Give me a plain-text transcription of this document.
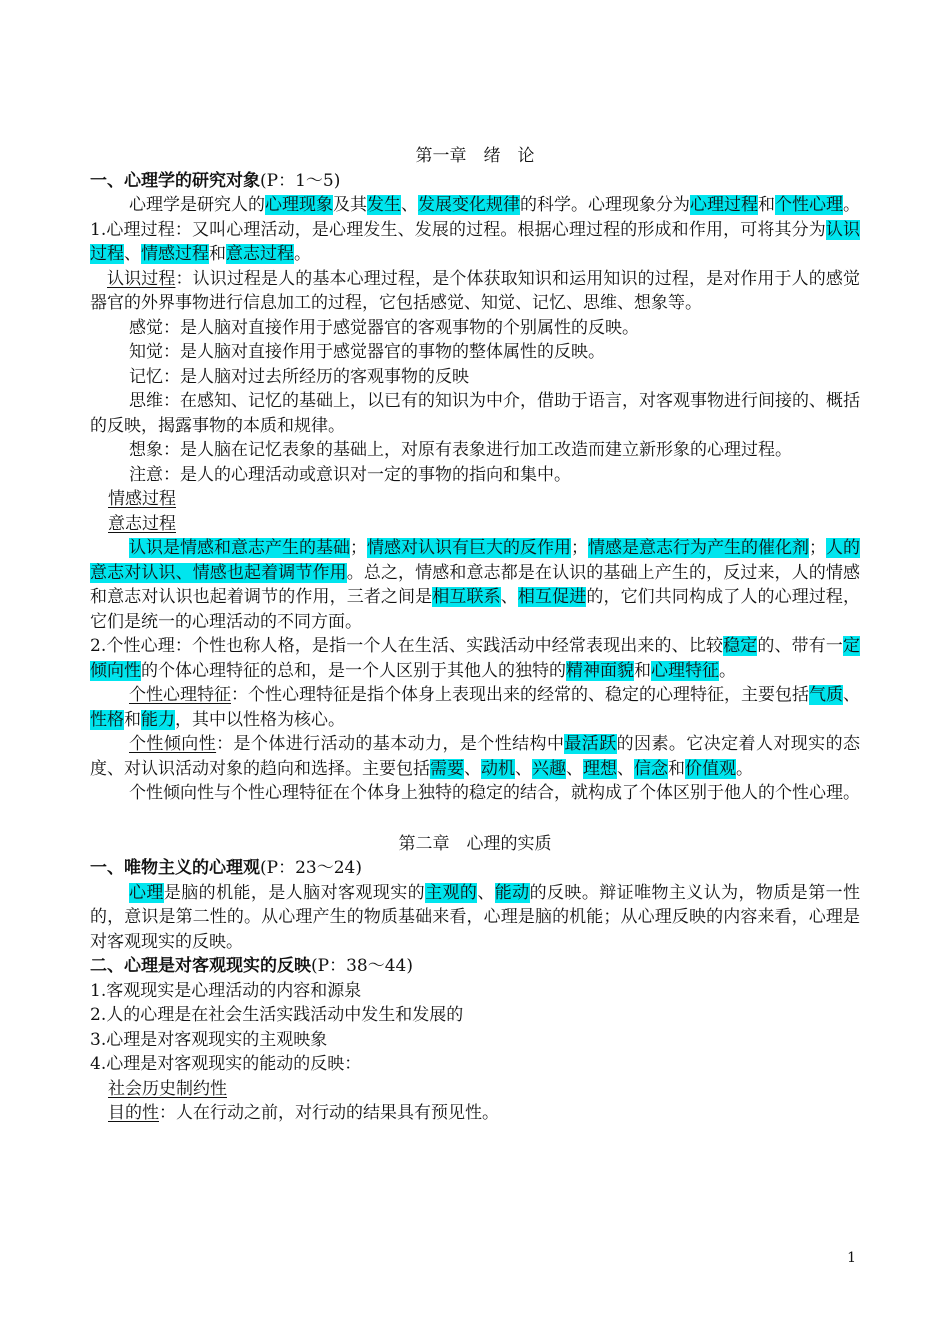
第一章　绪　论

一、心理学的研究对象(P：1～5)

心理学是研究人的心理现象及其发生、发展变化规律的科学。心理现象分为心理过程和个性心理。

1.心理过程：又叫心理活动，是心理发生、发展的过程。根据心理过程的形成和作用，可将其分为认识过程、情感过程和意志过程。

认识过程：认识过程是人的基本心理过程，是个体获取知识和运用知识的过程，是对作用于人的感觉器官的外界事物进行信息加工的过程，它包括感觉、知觉、记忆、思维、想象等。

感觉：是人脑对直接作用于感觉器官的客观事物的个别属性的反映。

知觉：是人脑对直接作用于感觉器官的事物的整体属性的反映。

记忆：是人脑对过去所经历的客观事物的反映

思维：在感知、记忆的基础上，以已有的知识为中介，借助于语言，对客观事物进行间接的、概括的反映，揭露事物的本质和规律。

想象：是人脑在记忆表象的基础上，对原有表象进行加工改造而建立新形象的心理过程。

注意：是人的心理活动或意识对一定的事物的指向和集中。

情感过程

意志过程

认识是情感和意志产生的基础；情感对认识有巨大的反作用；情感是意志行为产生的催化剂；人的意志对认识、情感也起着调节作用。总之，情感和意志都是在认识的基础上产生的，反过来，人的情感和意志对认识也起着调节的作用，三者之间是相互联系、相互促进的，它们共同构成了人的心理过程，它们是统一的心理活动的不同方面。

2.个性心理：个性也称人格，是指一个人在生活、实践活动中经常表现出来的、比较稳定的、带有一定倾向性的个体心理特征的总和，是一个人区别于其他人的独特的精神面貌和心理特征。

个性心理特征：个性心理特征是指个体身上表现出来的经常的、稳定的心理特征，主要包括气质、性格和能力，其中以性格为核心。

个性倾向性：是个体进行活动的基本动力，是个性结构中最活跃的因素。它决定着人对现实的态度、对认识活动对象的趋向和选择。主要包括需要、动机、兴趣、理想、信念和价值观。

个性倾向性与个性心理特征在个体身上独特的稳定的结合，就构成了个体区别于他人的个性心理。

第二章　心理的实质

一、唯物主义的心理观(P：23～24)

心理是脑的机能，是人脑对客观现实的主观的、能动的反映。辩证唯物主义认为，物质是第一性的，意识是第二性的。从心理产生的物质基础来看，心理是脑的机能；从心理反映的内容来看，心理是对客观现实的反映。

二、心理是对客观现实的反映(P：38～44)

1.客观现实是心理活动的内容和源泉

2.人的心理是在社会生活实践活动中发生和发展的

3.心理是对客观现实的主观映象

4.心理是对客观现实的能动的反映：

社会历史制约性

目的性：人在行动之前，对行动的结果具有预见性。

1
